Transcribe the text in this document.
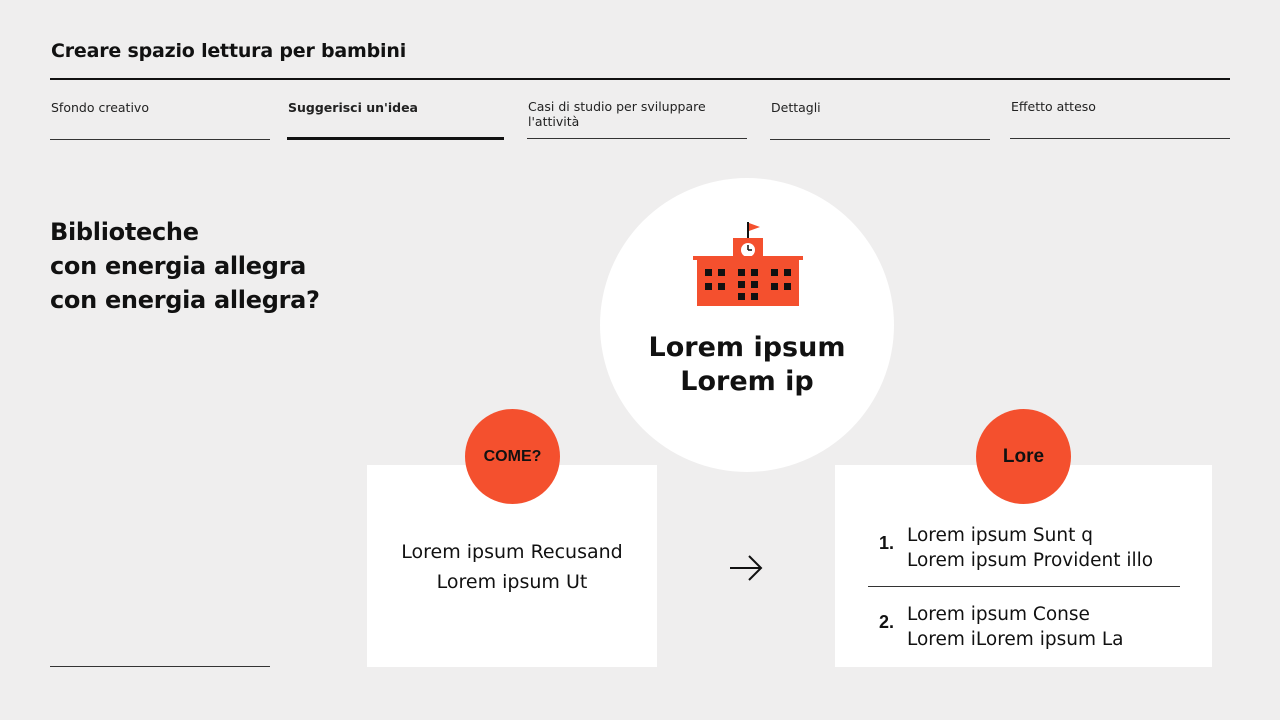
Creare spazio lettura per bambini
Sfondo creativo	Suggerisci un'idea	Casi di studio per sviluppare l'attività
Dettagli	Effetto atteso
Biblioteche
con energia allegra
con energia allegra?
Lorem ipsum
Lorem ip
Lorem ipsum Recusand
Lorem ipsum Ut
COME?
1. Lorem ipsum Sunt q
Lorem ipsum Provident illo
2. Lorem ipsum Conse
Lorem iLorem ipsum La
Lore
